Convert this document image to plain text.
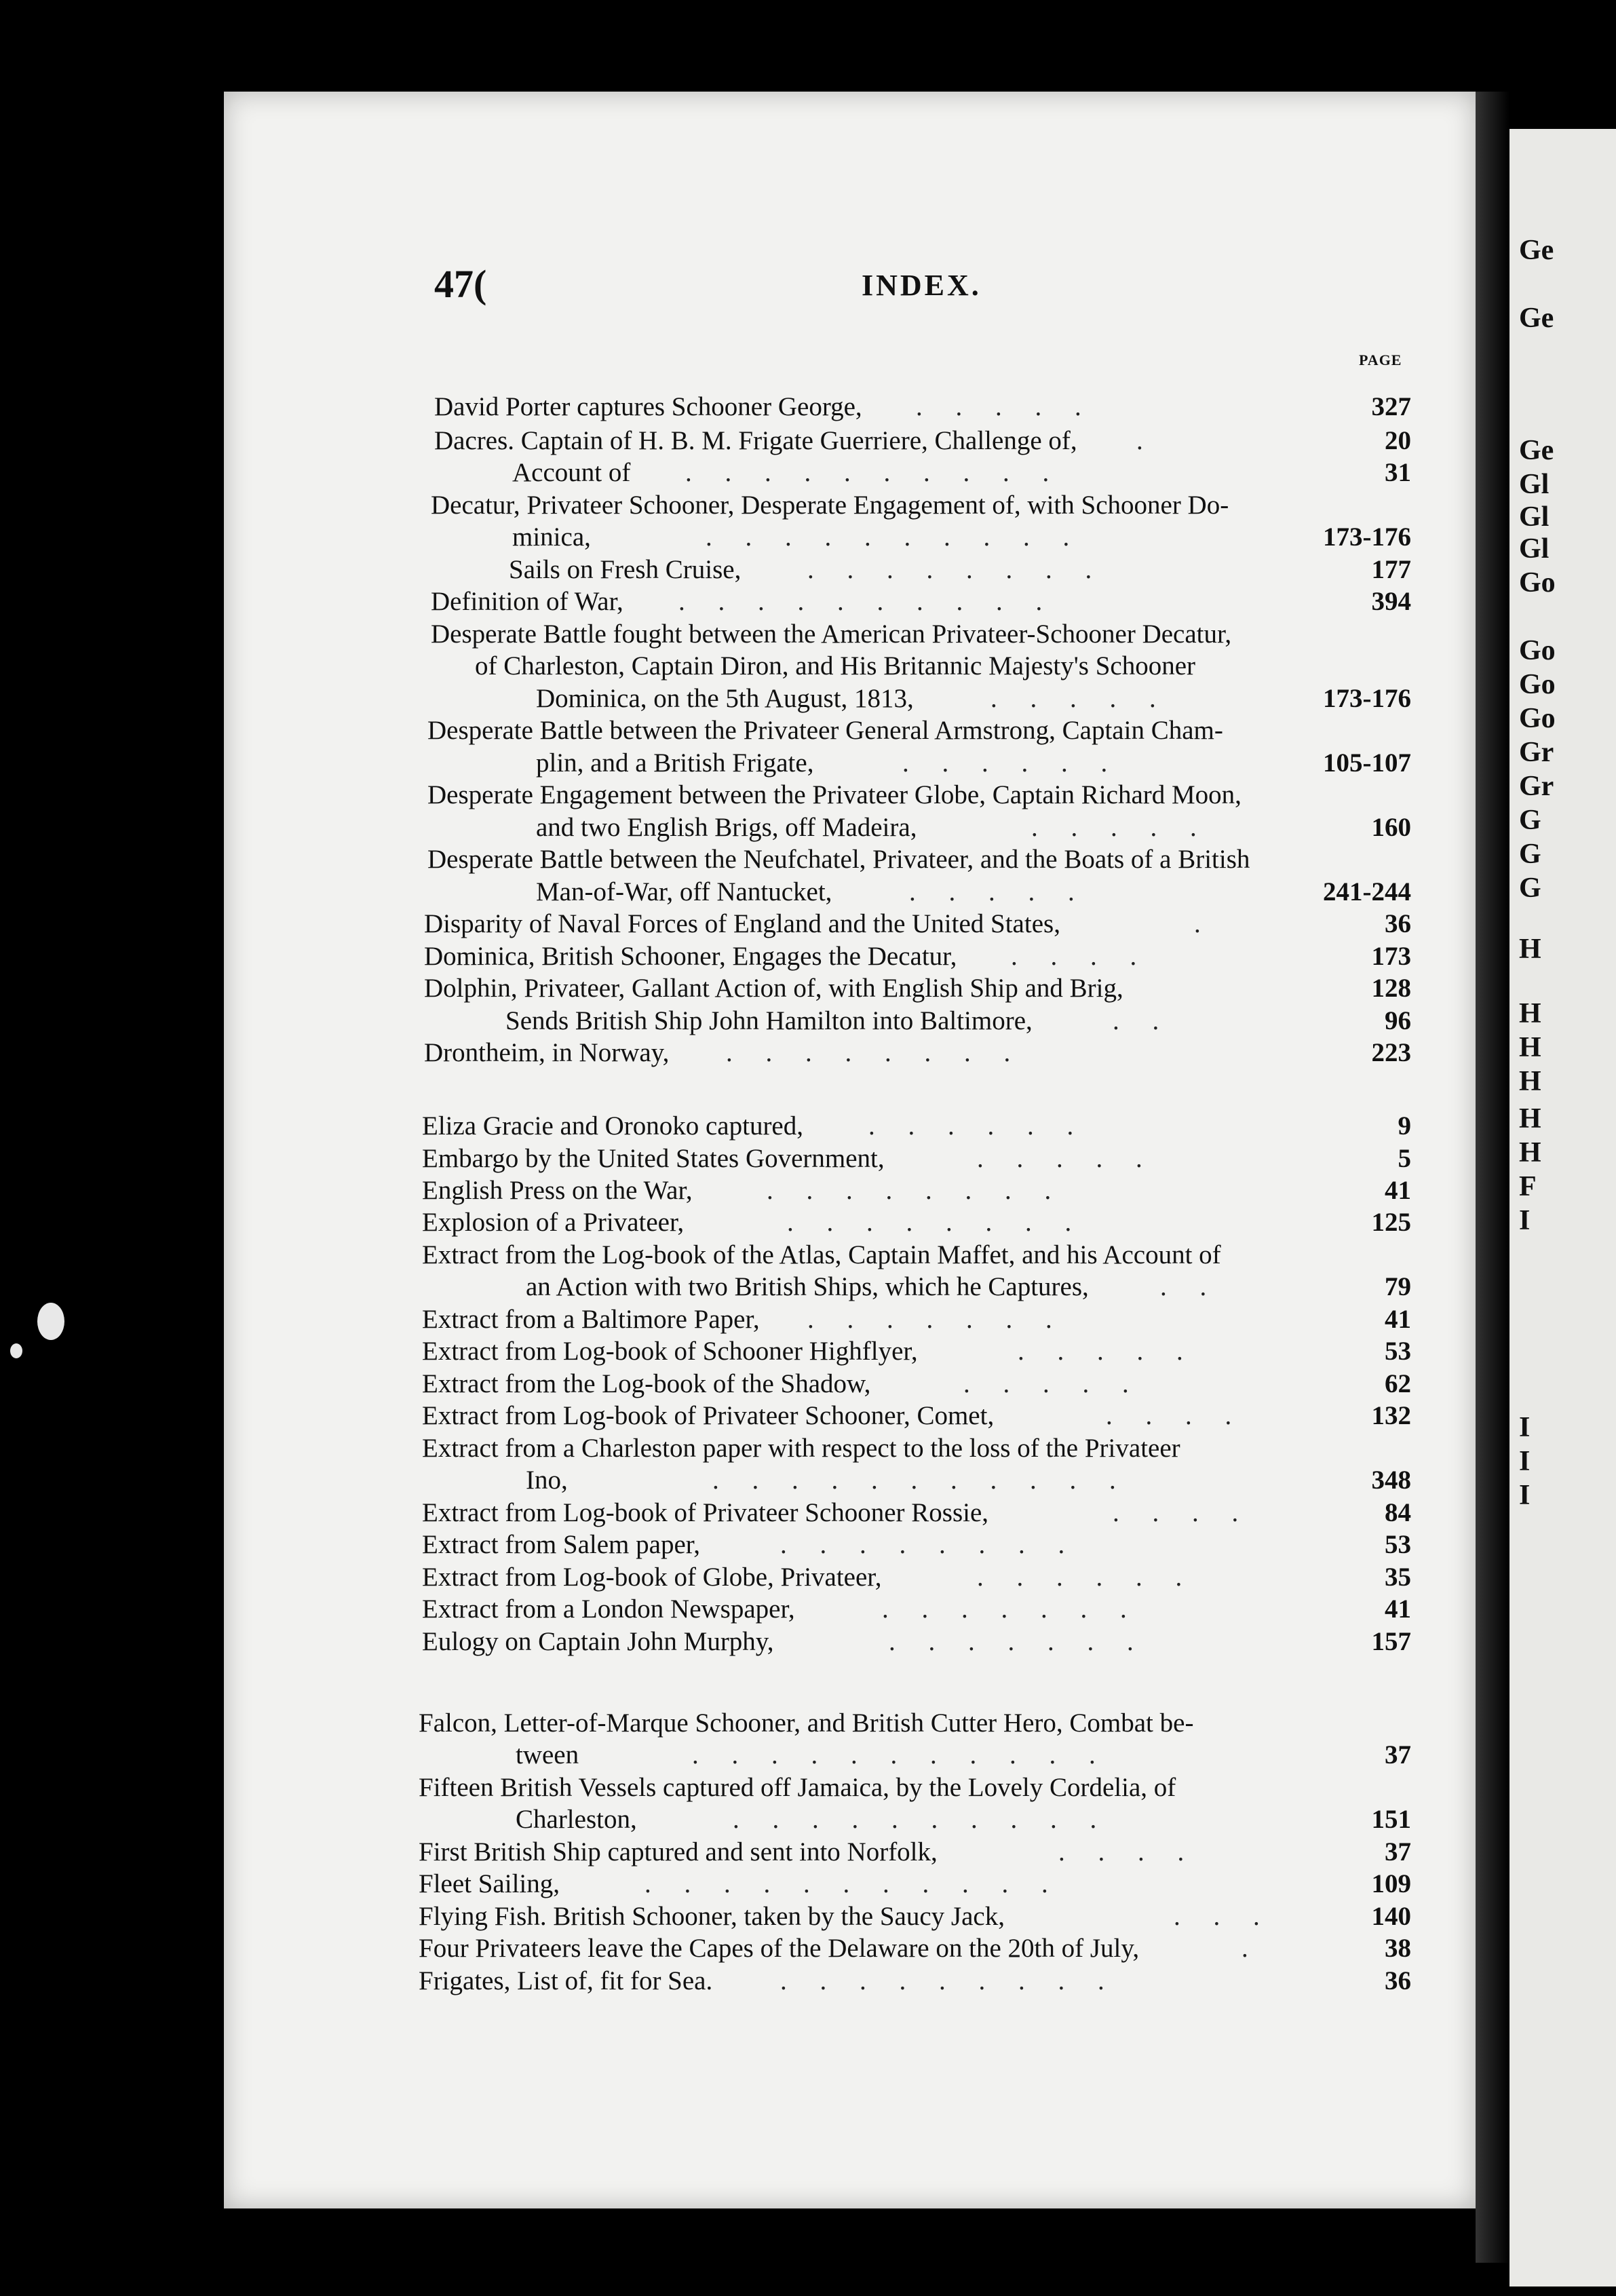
Ge
Ge
Ge
Gl
Gl
Gl
Go
Go
Go
Go
Gr
Gr
G
G
G
H
H
H
H
H
H
F
I
I
I
I
47(	INDEX.
PAGE
David Porter captures Schooner George, .     .     .     .     .	327
Dacres. Captain of H. B. M. Frigate Guerriere, Challenge of, .	20
Account of .     .     .     .     .     .     .     .     .     .	31
Decatur, Privateer Schooner, Desperate Engagement of, with Schooner Do-
minica,	.     .     .     .     .     .     .     .     .     .	173-176
Sails on Fresh Cruise,	.     .     .     .     .     .     .     .	177
Definition of War, .     .     .     .     .     .     .     .     .     .	394
Desperate Battle fought between the American Privateer-Schooner Decatur,
of Charleston, Captain Diron, and His Britannic Majesty's Schooner
Dominica, on the 5th August, 1813,	.     .     .     .     .	173-176
Desperate Battle between the Privateer General Armstrong, Captain Cham-
plin, and a British Frigate,	.     .     .     .     .     .	105-107
Desperate Engagement between the Privateer Globe, Captain Richard Moon,
and two English Brigs, off Madeira,	.     .     .     .     .	160
Desperate Battle between the Neufchatel, Privateer, and the Boats of a British
Man-of-War, off Nantucket,	.     .     .     .     .	241-244
Disparity of Naval Forces of England and the United States,	.	36
Dominica, British Schooner, Engages the Decatur, .     .     .     .	173
Dolphin, Privateer, Gallant Action of, with English Ship and Brig,	128
Sends British Ship John Hamilton into Baltimore,	.     .	96
Drontheim, in Norway, .     .     .     .     .     .     .     .	223
Eliza Gracie and Oronoko captured, .     .     .     .     .     .	9
Embargo by the United States Government,	.     .     .     .     .	5
English Press on the War,	.     .     .     .     .     .     .     .	41
Explosion of a Privateer,	.     .     .     .     .     .     .     .	125
Extract from the Log-book of the Atlas, Captain Maffet, and his Account of
an Action with two British Ships, which he Captures,	.     .	79
Extract from a Baltimore Paper, .     .     .     .     .     .     .	41
Extract from Log-book of Schooner Highflyer,	.     .     .     .     .	53
Extract from the Log-book of the Shadow,	.     .     .     .     .	62
Extract from Log-book of Privateer Schooner, Comet,	.     .     .     .	132
Extract from a Charleston paper with respect to the loss of the Privateer
Ino,	.     .     .     .     .     .     .     .     .     .     .	348
Extract from Log-book of Privateer Schooner Rossie,	.     .     .     .	84
Extract from Salem paper,	.     .     .     .     .     .     .     .	53
Extract from Log-book of Globe, Privateer,	.     .     .     .     .     .	35
Extract from a London Newspaper,	.     .     .     .     .     .     .	41
Eulogy on Captain John Murphy,	.     .     .     .     .     .     .	157
Falcon, Letter-of-Marque Schooner, and British Cutter Hero, Combat be-
tween	.     .     .     .     .     .     .     .     .     .     .	37
Fifteen British Vessels captured off Jamaica, by the Lovely Cordelia, of
Charleston,	.     .     .     .     .     .     .     .     .     .	151
First British Ship captured and sent into Norfolk,	.     .     .     .	37
Fleet Sailing,	.     .     .     .     .     .     .     .     .     .     .	109
Flying Fish. British Schooner, taken by the Saucy Jack,	.     .     .	140
Four Privateers leave the Capes of the Delaware on the 20th of July,	.	38
Frigates, List of, fit for Sea.	.     .     .     .     .     .     .     .     .	36
